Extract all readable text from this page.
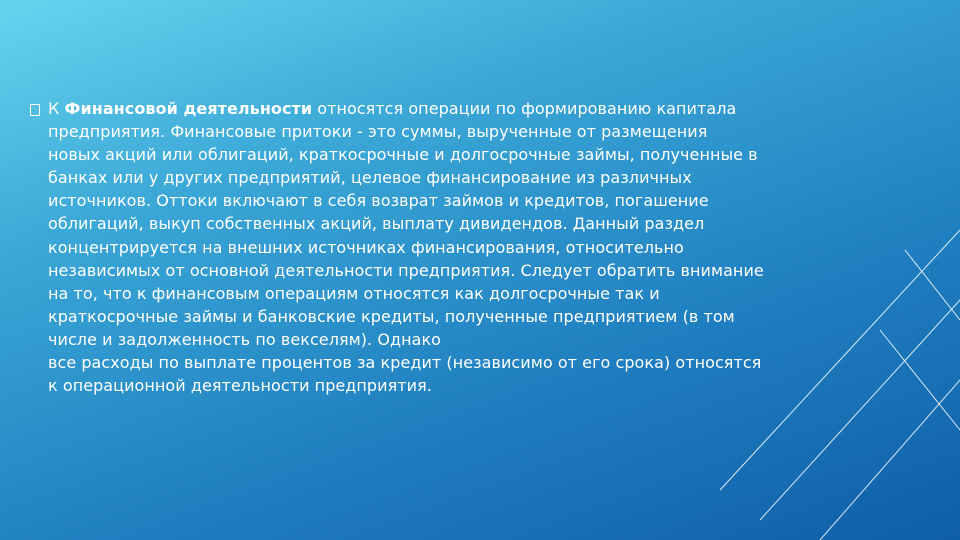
К Финансовой деятельности относятся операции по формированию капитала
предприятия. Финансовые притоки - это суммы, вырученные от размещения
новых акций или облигаций, краткосрочные и долгосрочные займы, полученные в
банках или у других предприятий, целевое финансирование из различных
источников. Оттоки включают в себя возврат займов и кредитов, погашение
облигаций, выкуп собственных акций, выплату дивидендов. Данный раздел
концентрируется на внешних источниках финансирования, относительно
независимых от основной деятельности предприятия. Следует обратить внимание
на то, что к финансовым операциям относятся как долгосрочные так и
краткосрочные займы и банковские кредиты, полученные предприятием (в том
числе и задолженность по векселям). Однако
все расходы по выплате процентов за кредит (независимо от его срока) относятся
к операционной деятельности предприятия.
